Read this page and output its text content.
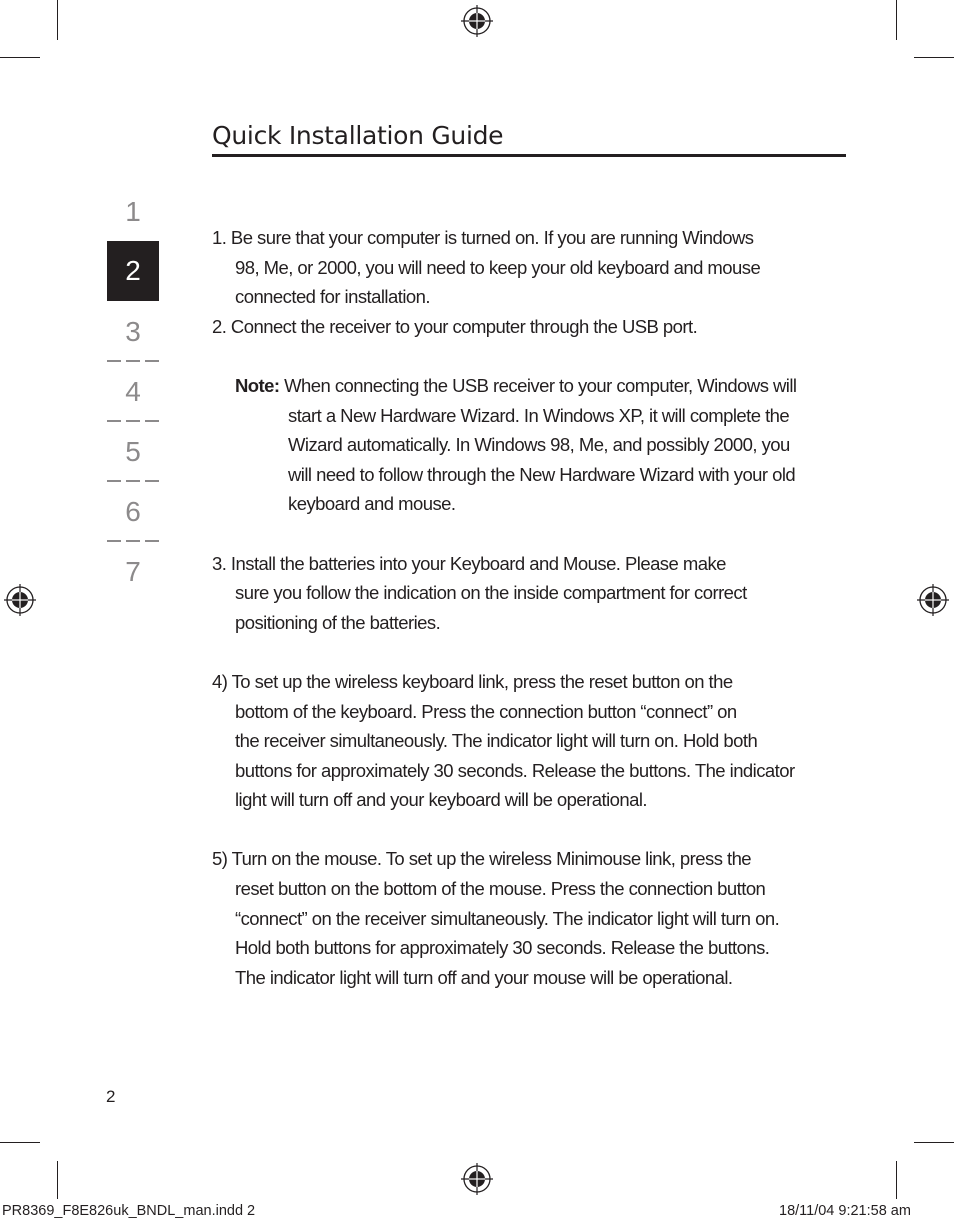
Quick Installation Guide
1
2
3
4
5
6
7
1. Be sure that your computer is turned on. If you are running Windows
98, Me, or 2000, you will need to keep your old keyboard and mouse
connected for installation.
2. Connect the receiver to your computer through the USB port.
Note: When connecting the USB receiver to your computer, Windows will
start a New Hardware Wizard. In Windows XP, it will complete the
Wizard automatically. In Windows 98, Me, and possibly 2000, you
will need to follow through the New Hardware Wizard with your old
keyboard and mouse.
3. Install the batteries into your Keyboard and Mouse. Please make
sure you follow the indication on the inside compartment for correct
positioning of the batteries.
4) To set up the wireless keyboard link, press the reset button on the
bottom of the keyboard. Press the connection button “connect” on
the receiver simultaneously. The indicator light will turn on. Hold both
buttons for approximately 30 seconds. Release the buttons. The indicator
light will turn off and your keyboard will be operational.
5) Turn on the mouse. To set up the wireless Minimouse link, press the
reset button on the bottom of the mouse. Press the connection button
“connect” on the receiver simultaneously. The indicator light will turn on.
Hold both buttons for approximately 30 seconds. Release the buttons.
The indicator light will turn off and your mouse will be operational.
2
PR8369_F8E826uk_BNDL_man.indd 2	18/11/04 9:21:58 am
